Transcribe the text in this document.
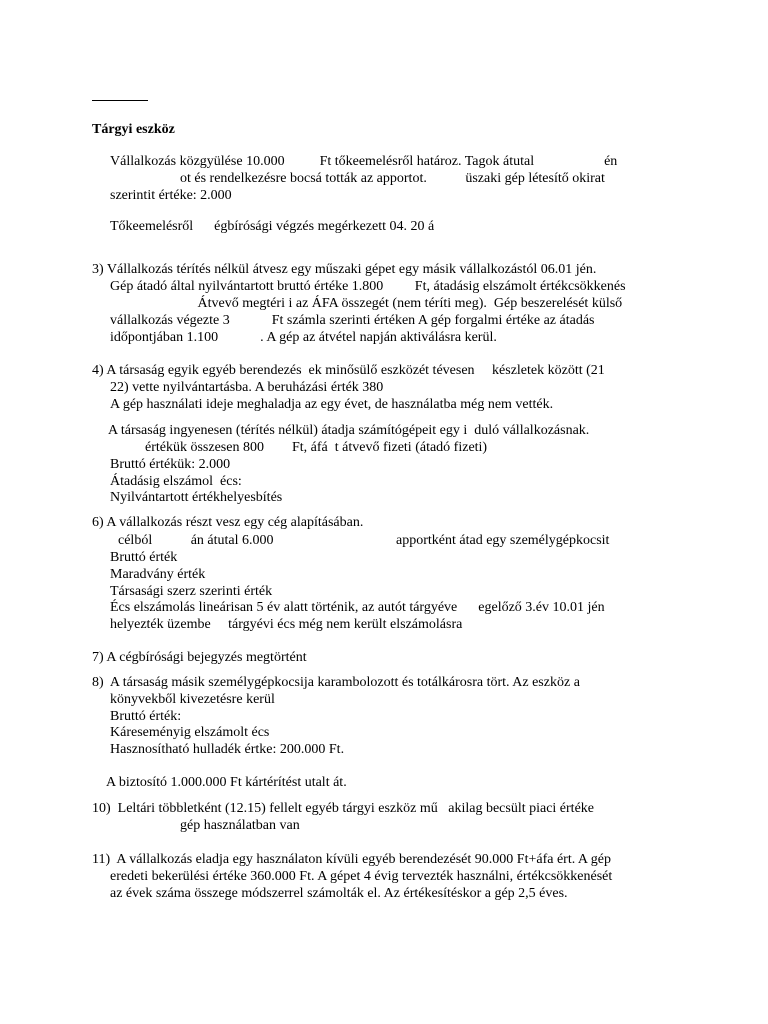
Tárgyi eszköz
Vállalkozás közgyülése 10.000          Ft tőkeemelésről határoz. Tagok átutal                    én
ot és rendelkezésre bocsá tották az apportot.           üszaki gép létesítő okirat
szerintit értéke: 2.000
Tőkeemelésről      égbírósági végzés megérkezett 04. 20 á
3) Vállalkozás térítés nélkül átvesz egy műszaki gépet egy másik vállalkozástól 06.01 jén.
Gép átadó által nyilvántartott bruttó értéke 1.800         Ft, átadásig elszámolt értékcsökkenés
Átvevő megtéri i az ÁFA összegét (nem téríti meg).  Gép beszerelését külső
vállalkozás végezte 3            Ft számla szerinti értéken A gép forgalmi értéke az átadás
időpontjában 1.100            . A gép az átvétel napján aktiválásra kerül.
4) A társaság egyik egyéb berendezés  ek minősülő eszközét tévesen     készletek között (21
22) vette nyilvántartásba. A beruházási érték 380
A gép használati ideje meghaladja az egy évet, de használatba még nem vették.
A társaság ingyenesen (térítés nélkül) átadja számítógépeit egy i  duló vállalkozásnak.
értékük összesen 800        Ft, áfá  t átvevő fizeti (átadó fizeti)
Bruttó értékük: 2.000
Átadásig elszámol  écs:
Nyilvántartott értékhelyesbítés
6) A vállalkozás részt vesz egy cég alapításában.
célból           án átutal 6.000                                   apportként átad egy személygépkocsit
Bruttó érték
Maradvány érték
Társasági szerz szerinti érték
Écs elszámolás lineárisan 5 év alatt történik, az autót tárgyéve      egelőző 3.év 10.01 jén
helyezték üzembe     tárgyévi écs még nem került elszámolásra
7) A cégbírósági bejegyzés megtörtént
8)  A társaság másik személygépkocsija karambolozott és totálkárosra tört. Az eszköz a
könyvekből kivezetésre kerül
Bruttó érték:
Káreseményig elszámolt écs
Hasznosítható hulladék értke: 200.000 Ft.
A biztosító 1.000.000 Ft kártérítést utalt át.
10)  Leltári többletként (12.15) fellelt egyéb tárgyi eszköz mű   akilag becsült piaci értéke
gép használatban van
11)  A vállalkozás eladja egy használaton kívüli egyéb berendezését 90.000 Ft+áfa ért. A gép
eredeti bekerülési értéke 360.000 Ft. A gépet 4 évig tervezték használni, értékcsökkenését
az évek száma összege módszerrel számolták el. Az értékesítéskor a gép 2,5 éves.
